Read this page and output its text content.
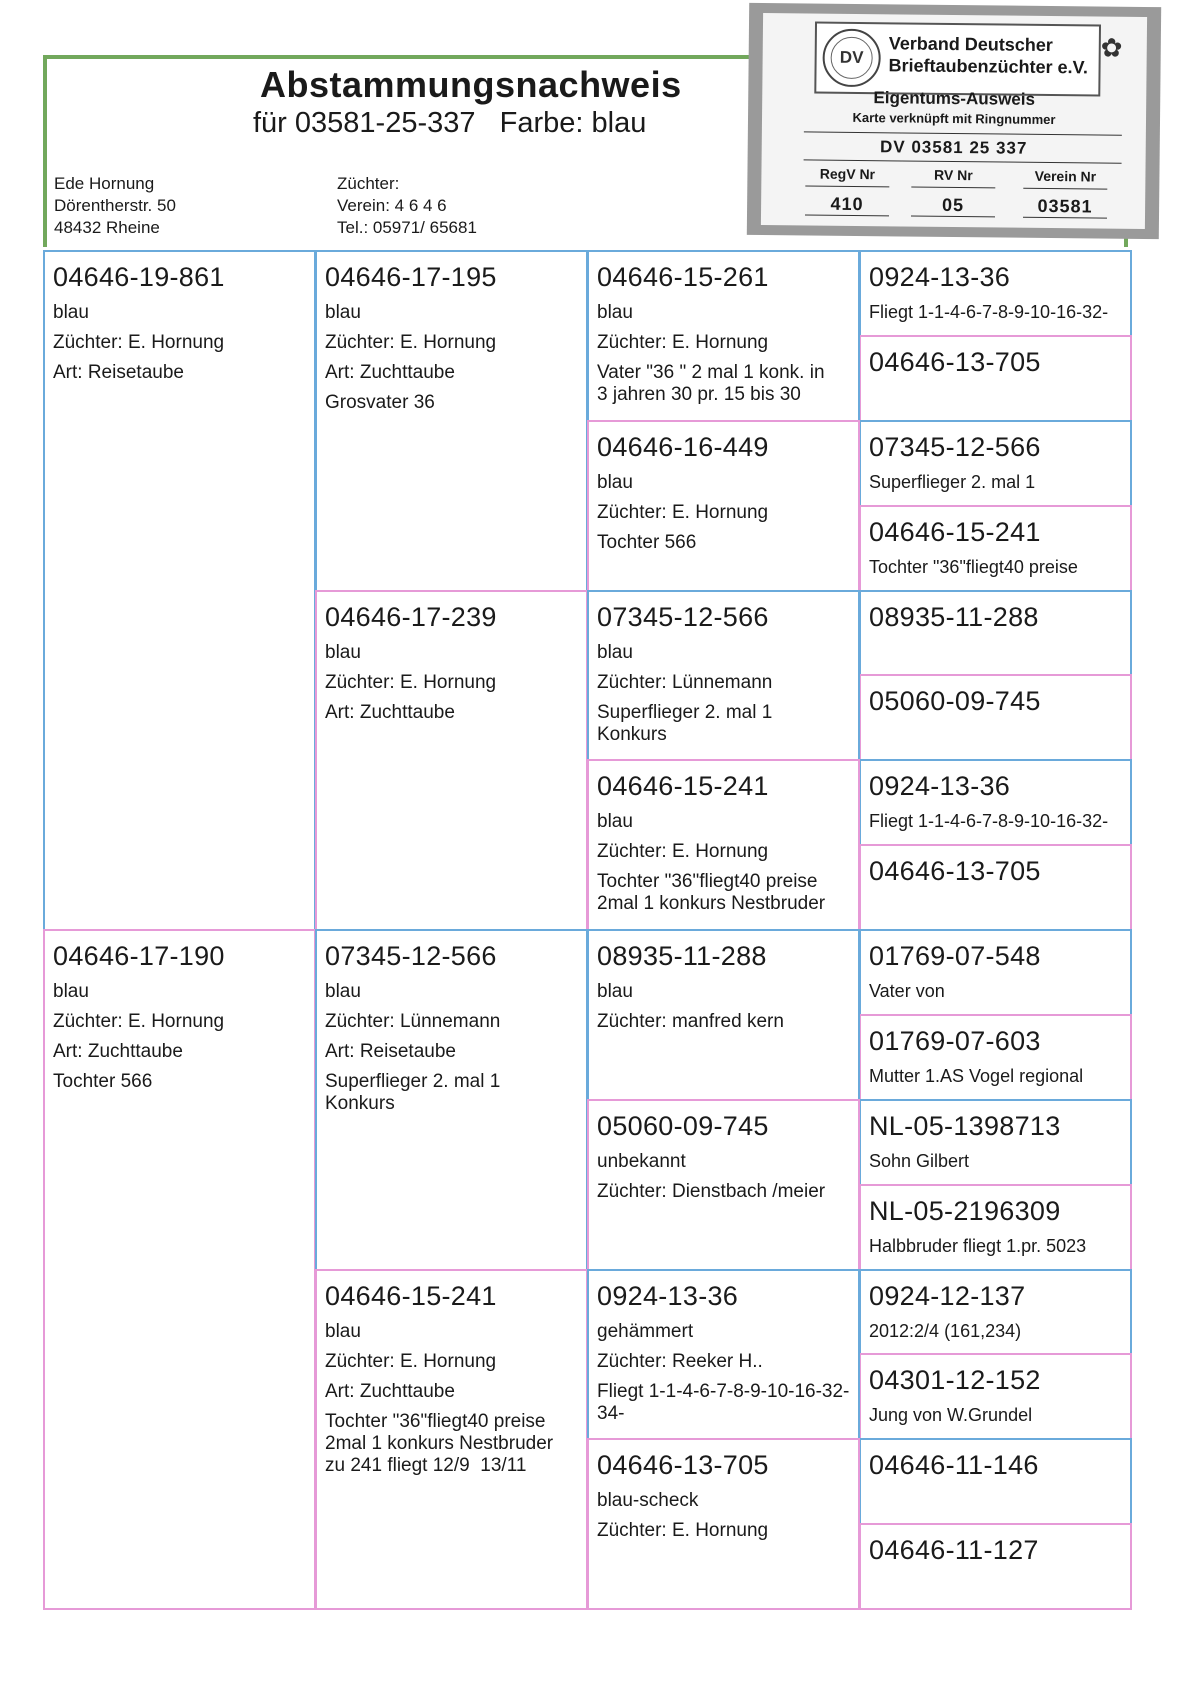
Abstammungsnachweis
für 03581-25-337   Farbe: blau
Ede Hornung
Dörentherstr. 50
48432 Rheine
Züchter:
Verein: 4 6 4 6
Tel.: 05971/ 65681
DV
Verband Deutscher
Brieftaubenzüchter e.V.
✿
Eigentums-Ausweis
Karte verknüpft mit Ringnummer
DV 03581 25 337
RegV Nr
410
RV Nr
05
Verein Nr
03581
04646-19-861
blau
Züchter: E. Hornung
Art: Reisetaube
04646-17-190
blau
Züchter: E. Hornung
Art: Zuchttaube
Tochter 566
04646-17-195
blau
Züchter: E. Hornung
Art: Zuchttaube
Grosvater 36
04646-17-239
blau
Züchter: E. Hornung
Art: Zuchttaube
07345-12-566
blau
Züchter: Lünnemann
Art: Reisetaube
Superflieger 2. mal 1
Konkurs
04646-15-241
blau
Züchter: E. Hornung
Art: Zuchttaube
Tochter "36"fliegt40 preise
2mal 1 konkurs Nestbruder
zu 241 fliegt 12/9  13/11
04646-15-261
blau
Züchter: E. Hornung
Vater "36 " 2 mal 1 konk. in
3 jahren 30 pr. 15 bis 30
04646-16-449
blau
Züchter: E. Hornung
Tochter 566
07345-12-566
blau
Züchter: Lünnemann
Superflieger 2. mal 1
Konkurs
04646-15-241
blau
Züchter: E. Hornung
Tochter "36"fliegt40 preise
2mal 1 konkurs Nestbruder
08935-11-288
blau
Züchter: manfred kern
05060-09-745
unbekannt
Züchter: Dienstbach /meier
0924-13-36
gehämmert
Züchter: Reeker H..
Fliegt 1-1-4-6-7-8-9-10-16-32-
34-
04646-13-705
blau-scheck
Züchter: E. Hornung
0924-13-36
Fliegt 1-1-4-6-7-8-9-10-16-32-
04646-13-705
07345-12-566
Superflieger 2. mal 1
04646-15-241
Tochter "36"fliegt40 preise
08935-11-288
05060-09-745
0924-13-36
Fliegt 1-1-4-6-7-8-9-10-16-32-
04646-13-705
01769-07-548
Vater von
01769-07-603
Mutter 1.AS Vogel regional
NL-05-1398713
Sohn Gilbert
NL-05-2196309
Halbbruder fliegt 1.pr. 5023
0924-12-137
2012:2/4 (161,234)
04301-12-152
Jung von W.Grundel
04646-11-146
04646-11-127
